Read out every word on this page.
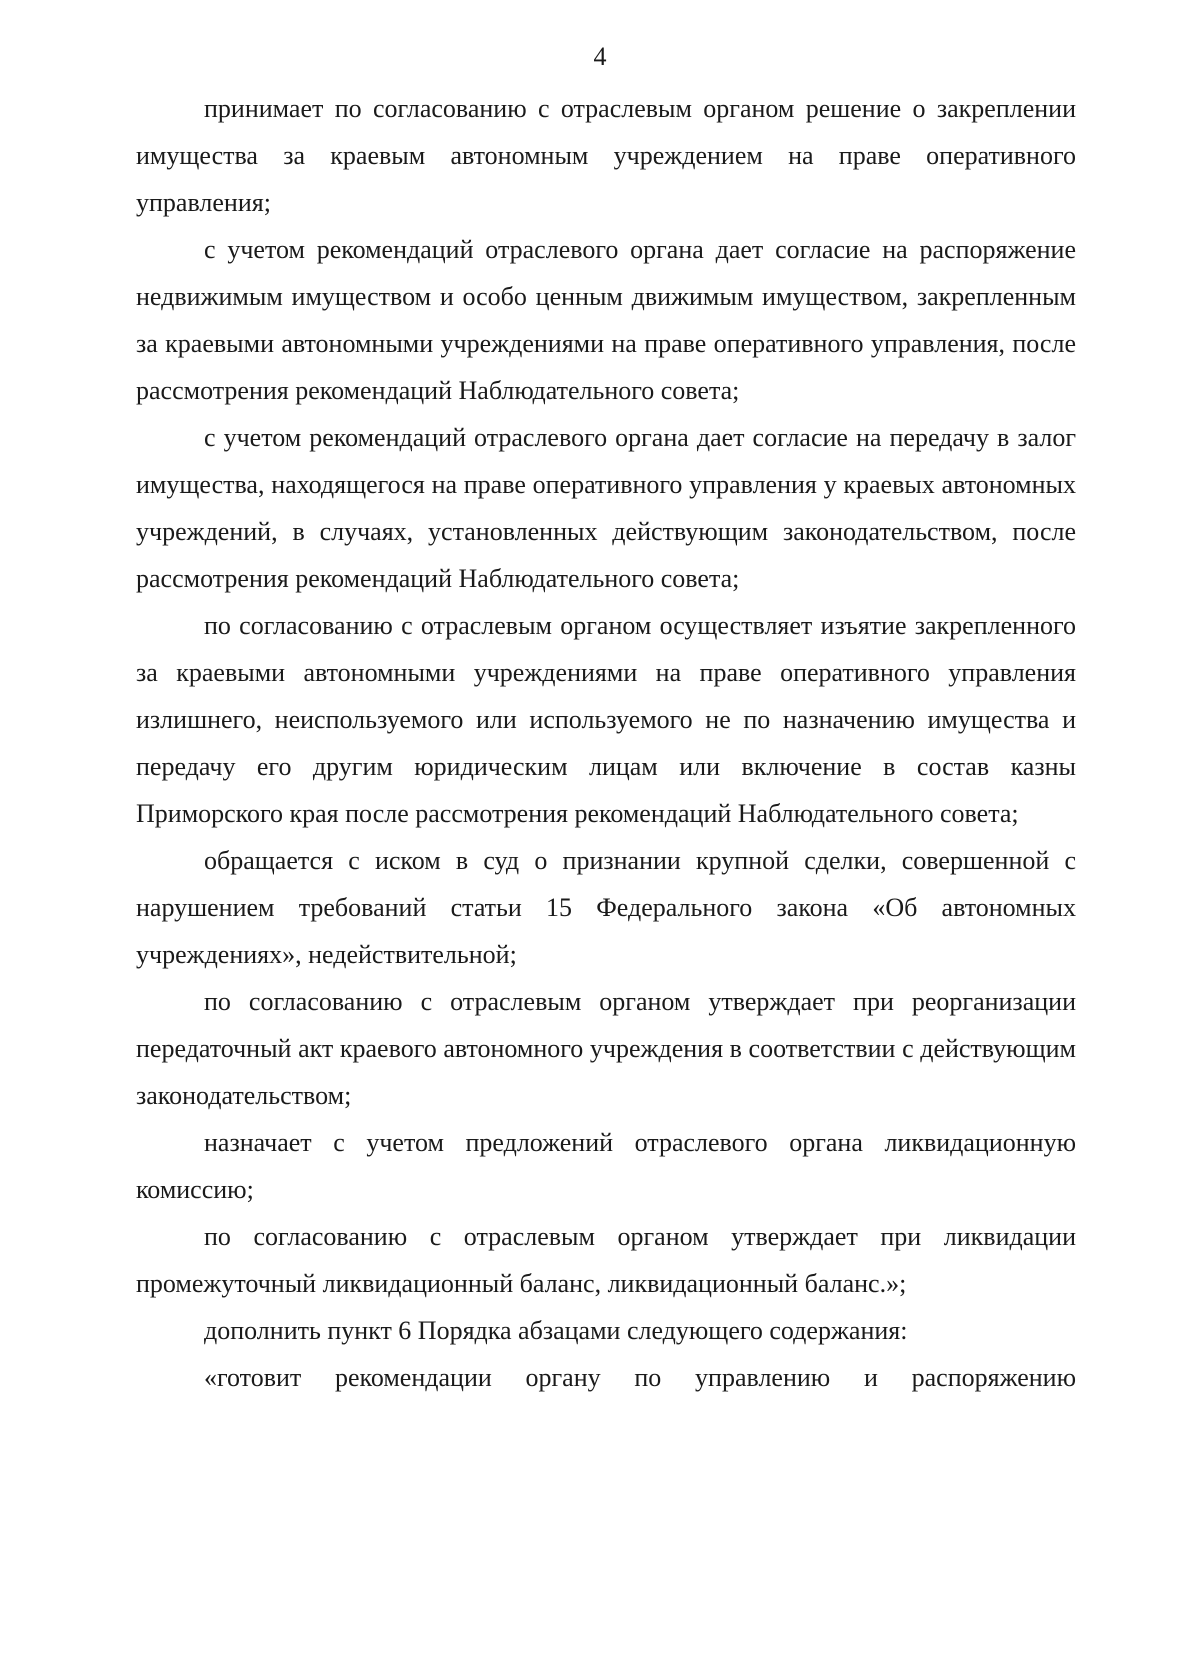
4

принимает по согласованию с отраслевым органом решение о закреплении имущества за краевым автономным учреждением на праве оперативного управления;

с учетом рекомендаций отраслевого органа дает согласие на распоряжение недвижимым имуществом и особо ценным движимым имуществом, закрепленным за краевыми автономными учреждениями на праве оперативного управления, после рассмотрения рекомендаций Наблюдательного совета;

с учетом рекомендаций отраслевого органа дает согласие на передачу в залог имущества, находящегося на праве оперативного управления у краевых автономных учреждений, в случаях, установленных действующим законодательством, после рассмотрения рекомендаций Наблюдательного совета;

по согласованию с отраслевым органом осуществляет изъятие закрепленного за краевыми автономными учреждениями на праве оперативного управления излишнего, неиспользуемого или используемого не по назначению имущества и передачу его другим юридическим лицам или включение в состав казны Приморского края после рассмотрения рекомендаций Наблюдательного совета;

обращается с иском в суд о признании крупной сделки, совершенной с нарушением требований статьи 15 Федерального закона «Об автономных учреждениях», недействительной;

по согласованию с отраслевым органом утверждает при реорганизации передаточный акт краевого автономного учреждения в соответствии с действующим законодательством;

назначает с учетом предложений отраслевого органа ликвидационную комиссию;

по согласованию с отраслевым органом утверждает при ликвидации промежуточный ликвидационный баланс, ликвидационный баланс.»;

дополнить пункт 6 Порядка абзацами следующего содержания:

«готовит рекомендации органу по управлению и распоряжению
